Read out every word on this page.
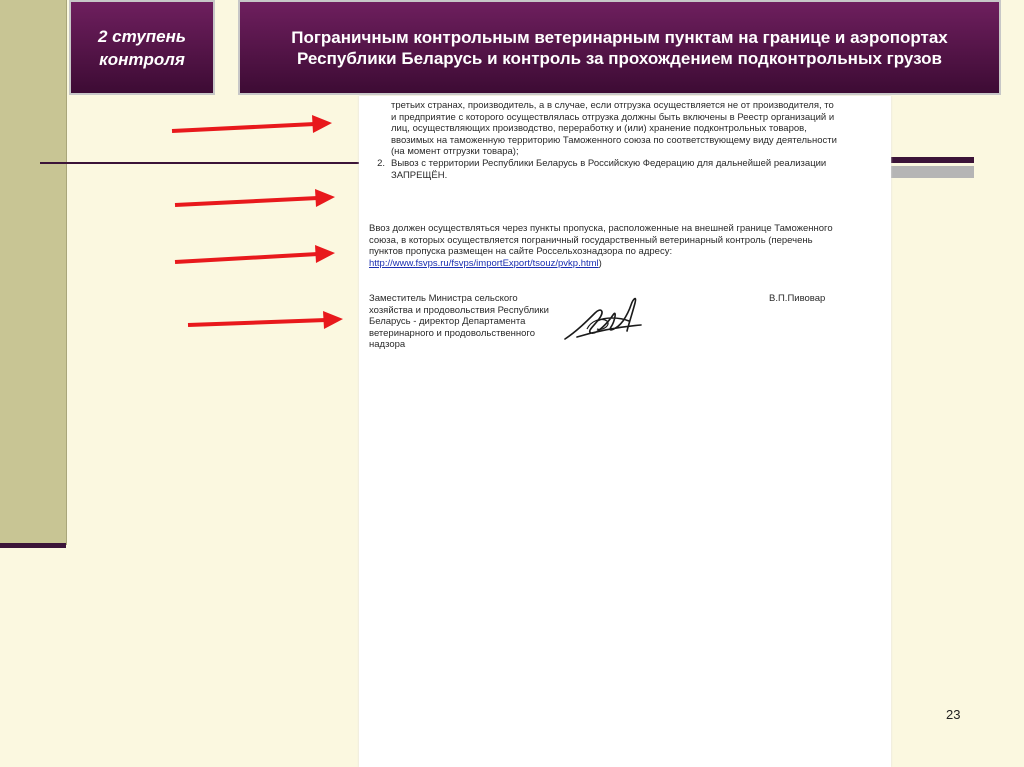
2 ступень контроля
Пограничным контрольным ветеринарным пунктам на границе и аэропортах Республики Беларусь и контроль за прохождением подконтрольных грузов
третьих странах, производитель, а в случае, если отгрузка осуществляется не от производителя, то и предприятие с которого осуществлялась отгрузка должны быть включены в Реестр организаций и лиц, осуществляющих производство, переработку и (или) хранение подконтрольных товаров, ввозимых на таможенную территорию Таможенного союза по соответствующему виду деятельности (на момент отгрузки товара);
2. Вывоз с территории Республики Беларусь в Российскую Федерацию для дальнейшей реализации ЗАПРЕЩЁН.

Ввоз должен осуществляться через пункты пропуска, расположенные на внешней границе Таможенного союза, в которых осуществляется пограничный государственный ветеринарный контроль (перечень пунктов пропуска размещен на сайте Россельхознадзора по адресу: http://www.fsvps.ru/fsvps/importExport/tsouz/pvkp.html)

Заместитель Министра сельского хозяйства и продовольствия Республики Беларусь - директор Департамента ветеринарного и продовольственного надзора
В.П.Пивовар
23
